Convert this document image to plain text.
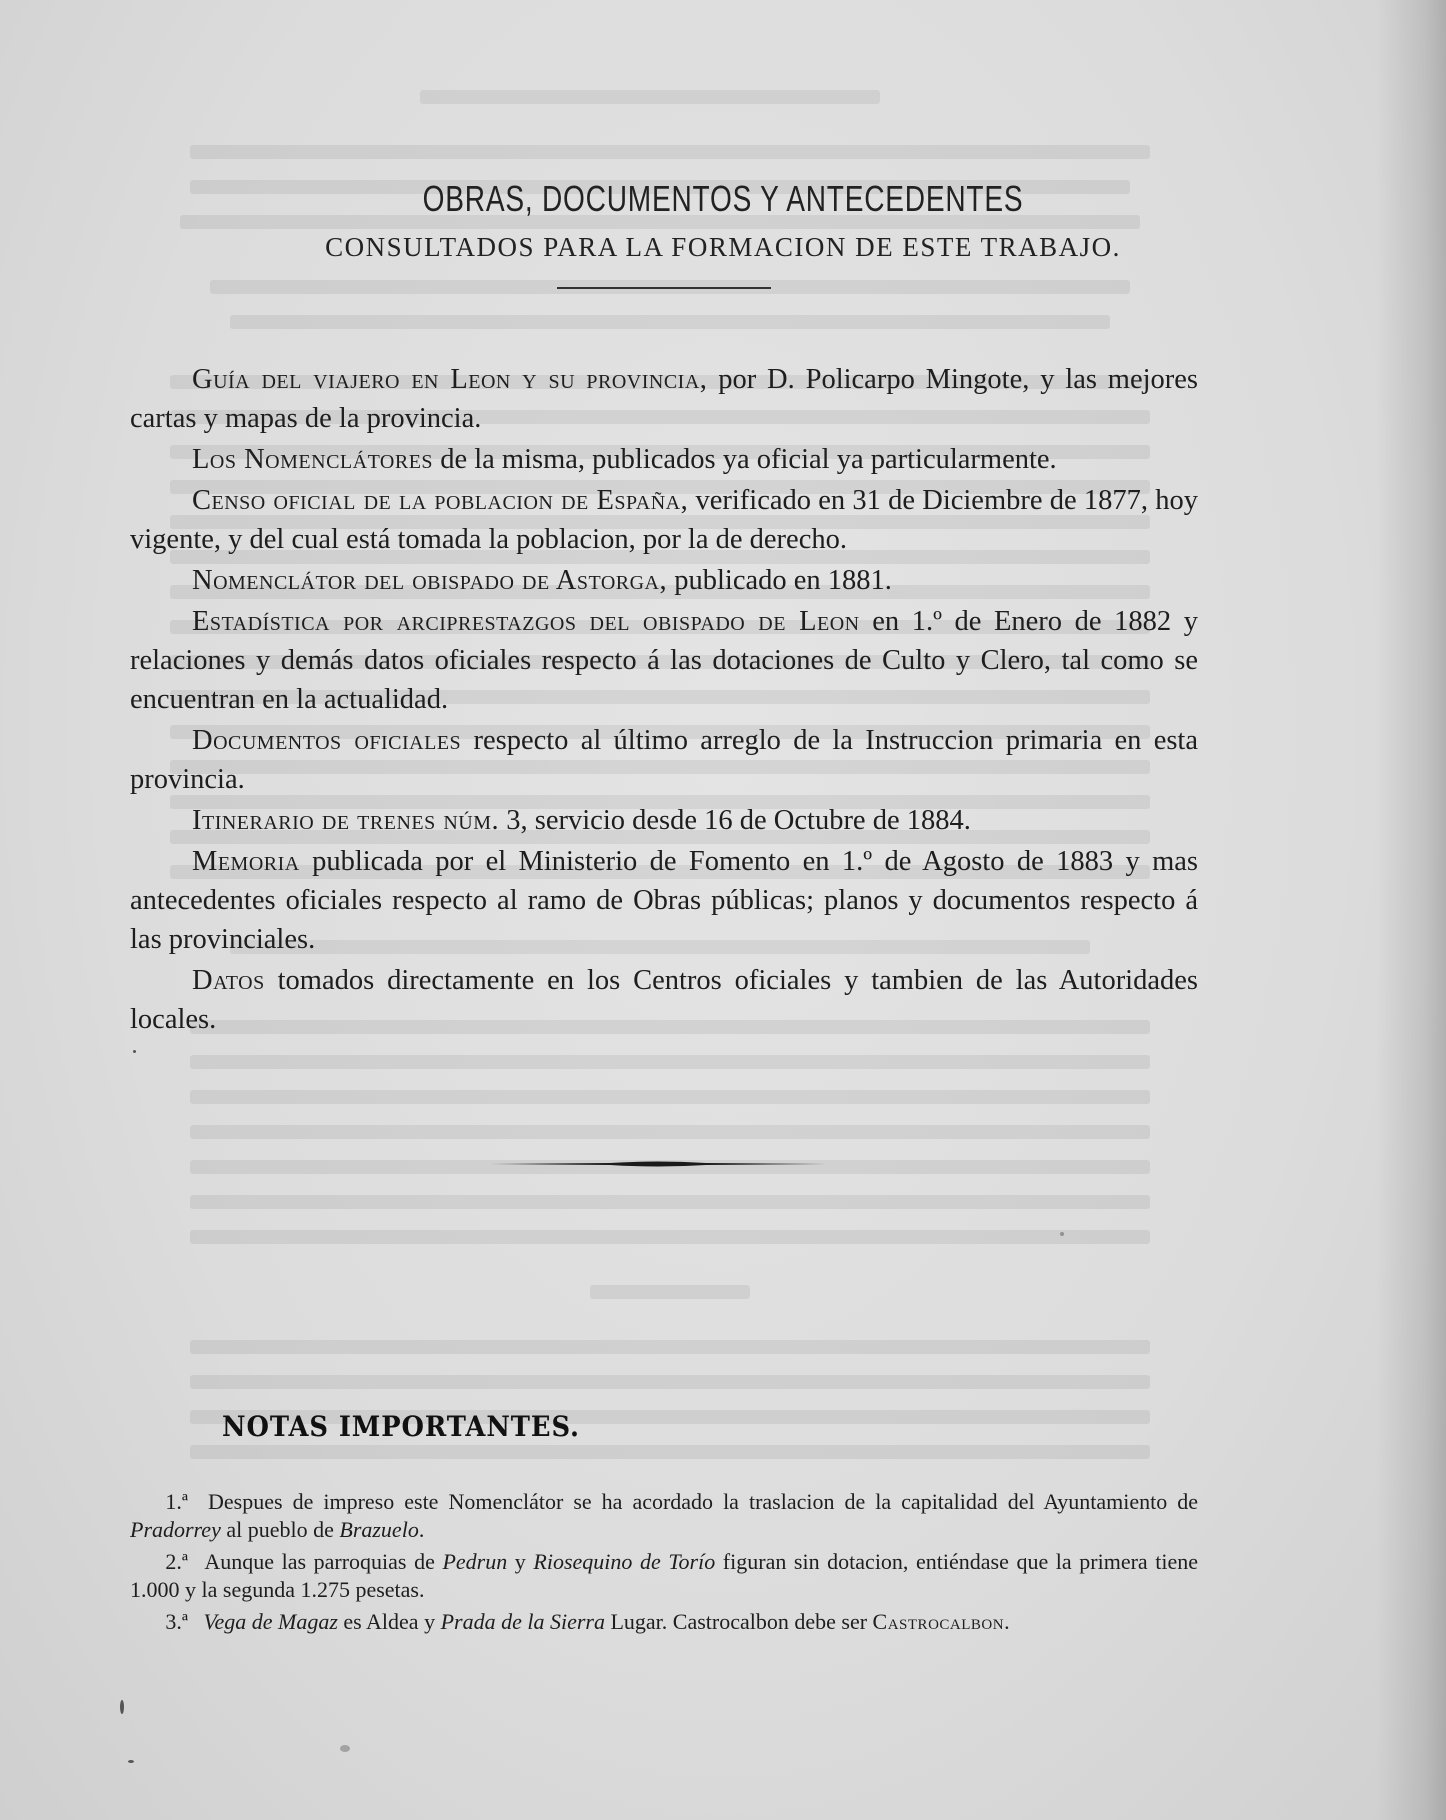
OBRAS, DOCUMENTOS Y ANTECEDENTES
CONSULTADOS PARA LA FORMACION DE ESTE TRABAJO.

Guía del viajero en Leon y su provincia, por D. Policarpo Mingote, y las mejores cartas y mapas de la provincia.

Los Nomenclátores de la misma, publicados ya oficial ya particularmente.

Censo oficial de la poblacion de España, verificado en 31 de Diciembre de 1877, hoy vigente, y del cual está tomada la poblacion, por la de derecho.

Nomenclátor del obispado de Astorga, publicado en 1881.

Estadística por arciprestazgos del obispado de Leon en 1.º de Enero de 1882 y relaciones y demás datos oficiales respecto á las dotaciones de Culto y Clero, tal como se encuentran en la actualidad.

Documentos oficiales respecto al último arreglo de la Instruccion primaria en esta provincia.

Itinerario de trenes núm. 3, servicio desde 16 de Octubre de 1884.

Memoria publicada por el Ministerio de Fomento en 1.º de Agosto de 1883 y mas antecedentes oficiales respecto al ramo de Obras públicas; planos y documentos respecto á las provinciales.

Datos tomados directamente en los Centros oficiales y tambien de las Autoridades locales.

NOTAS IMPORTANTES.

1.ª Despues de impreso este Nomenclátor se ha acordado la traslacion de la capitalidad del Ayuntamiento de Pradorrey al pueblo de Brazuelo.

2.ª Aunque las parroquias de Pedrun y Riosequino de Torío figuran sin dotacion, entiéndase que la primera tiene 1.000 y la segunda 1.275 pesetas.

3.ª Vega de Magaz es Aldea y Prada de la Sierra Lugar. Castrocalbon debe ser Castrocalbon.
